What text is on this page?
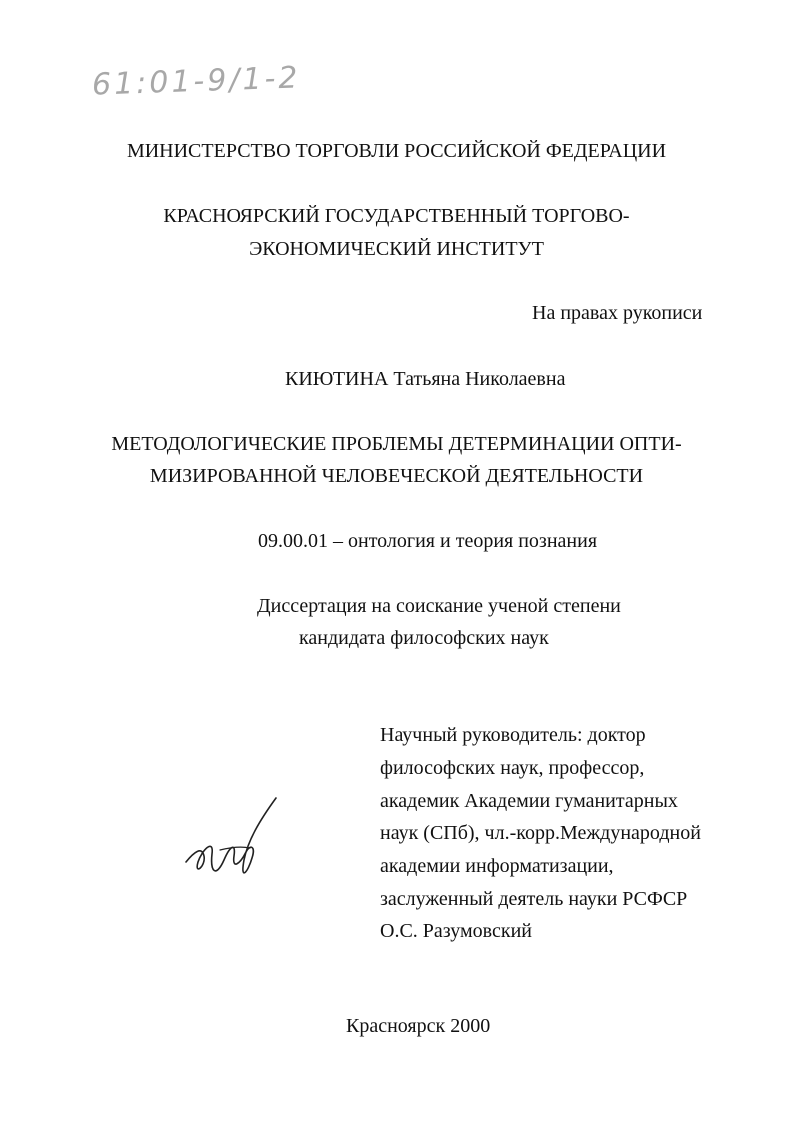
61:01-9/1-2
МИНИСТЕРСТВО ТОРГОВЛИ РОССИЙСКОЙ ФЕДЕРАЦИИ
КРАСНОЯРСКИЙ ГОСУДАРСТВЕННЫЙ ТОРГОВО-
ЭКОНОМИЧЕСКИЙ ИНСТИТУТ
На правах рукописи
КИЮТИНА Татьяна Николаевна
МЕТОДОЛОГИЧЕСКИЕ ПРОБЛЕМЫ ДЕТЕРМИНАЦИИ ОПТИ-
МИЗИРОВАННОЙ ЧЕЛОВЕЧЕСКОЙ ДЕЯТЕЛЬНОСТИ
09.00.01 – онтология и теория познания
Диссертация на соискание ученой степени
кандидата философских наук
Научный руководитель: доктор
философских наук, профессор,
академик Академии гуманитарных
наук (СПб), чл.-корр.Международной
академии информатизации,
заслуженный деятель науки РСФСР
О.С. Разумовский
Красноярск 2000
